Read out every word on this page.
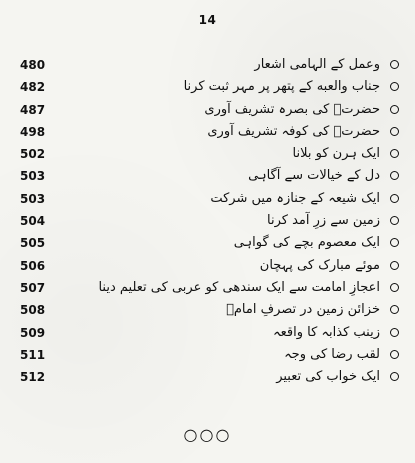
14
480	وعمل کے الہامی اشعار
482	جناب والعبه کے پتھر پر مہر ثبت کرنا
487	حضرتؑ کی بصرہ تشریف آوری
498	حضرتؑ کی کوفہ تشریف آوری
502	ایک ہرن کو بلانا
503	دل کے خیالات سے آگاہی
503	ایک شیعہ کے جنازہ میں شرکت
504	زمین سے زرِ آمد کرنا
505	ایک معصوم بچے کی گواہی
506	موئے مبارک کی پہچان
507	اعجازِ امامت سے ایک سندھی کو عربی کی تعلیم دینا
508	خزائن زمین در تصرفِ امامؑ
509	زینب کذابہ کا واقعہ
511	لقب رضا کی وجہ
512	ایک خواب کی تعبیر
○○○
